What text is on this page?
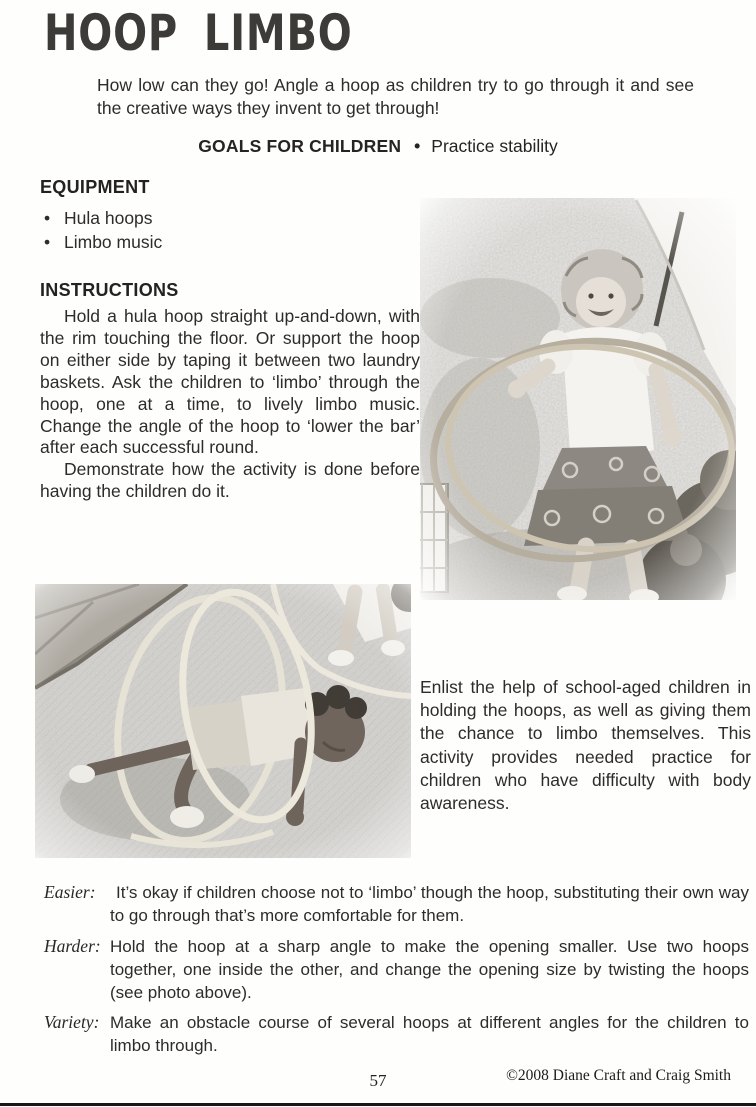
HOOP LIMBO

How low can they go! Angle a hoop as children try to go through it and see the creative ways they invent to get through!

GOALS FOR CHILDREN • Practice stability
EQUIPMENT
• Hula hoops
• Limbo music
INSTRUCTIONS

Hold a hula hoop straight up-and-down, with the rim touching the floor. Or support the hoop on either side by taping it between two laundry baskets. Ask the children to ‘limbo’ through the hoop, one at a time, to lively limbo music. Change the angle of the hoop to ‘lower the bar’ after each successful round.

Demonstrate how the activity is done before having the children do it.

Enlist the help of school-aged children in holding the hoops, as well as giving them the chance to limbo themselves. This activity provides needed practice for children who have difficulty with body awareness.

Easier:	It’s okay if children choose not to ‘limbo’ though the hoop, substituting their own way to go through that’s more comfortable for them.
Harder: Hold the hoop at a sharp angle to make the opening smaller. Use two hoops together, one inside the other, and change the opening size by twisting the hoops (see photo above).
Variety: Make an obstacle course of several hoops at different angles for the children to limbo through.
57	©2008 Diane Craft and Craig Smith
